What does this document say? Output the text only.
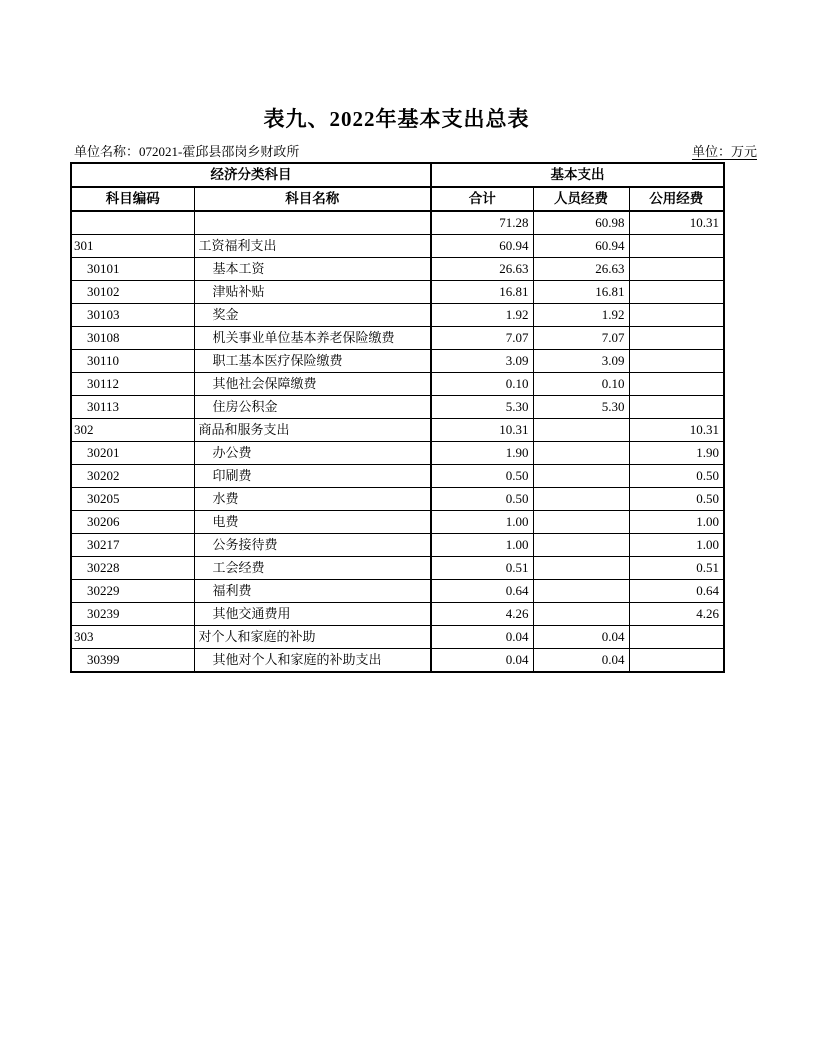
表九、2022年基本支出总表
单位名称：072021-霍邱县邵岗乡财政所	单位：万元
经济分类科目		基本支出		
科目编码	科目名称	合计	人员经费	公用经费
		71.28	60.98	10.31
301	工资福利支出	60.94	60.94	
30101	基本工资	26.63	26.63	
30102	津贴补贴	16.81	16.81	
30103	奖金	1.92	1.92	
30108	机关事业单位基本养老保险缴费	7.07	7.07	
30110	职工基本医疗保险缴费	3.09	3.09	
30112	其他社会保障缴费	0.10	0.10	
30113	住房公积金	5.30	5.30	
302	商品和服务支出	10.31		10.31
30201	办公费	1.90		1.90
30202	印刷费	0.50		0.50
30205	水费	0.50		0.50
30206	电费	1.00		1.00
30217	公务接待费	1.00		1.00
30228	工会经费	0.51		0.51
30229	福利费	0.64		0.64
30239	其他交通费用	4.26		4.26
303	对个人和家庭的补助	0.04	0.04	
30399	其他对个人和家庭的补助支出	0.04	0.04	
